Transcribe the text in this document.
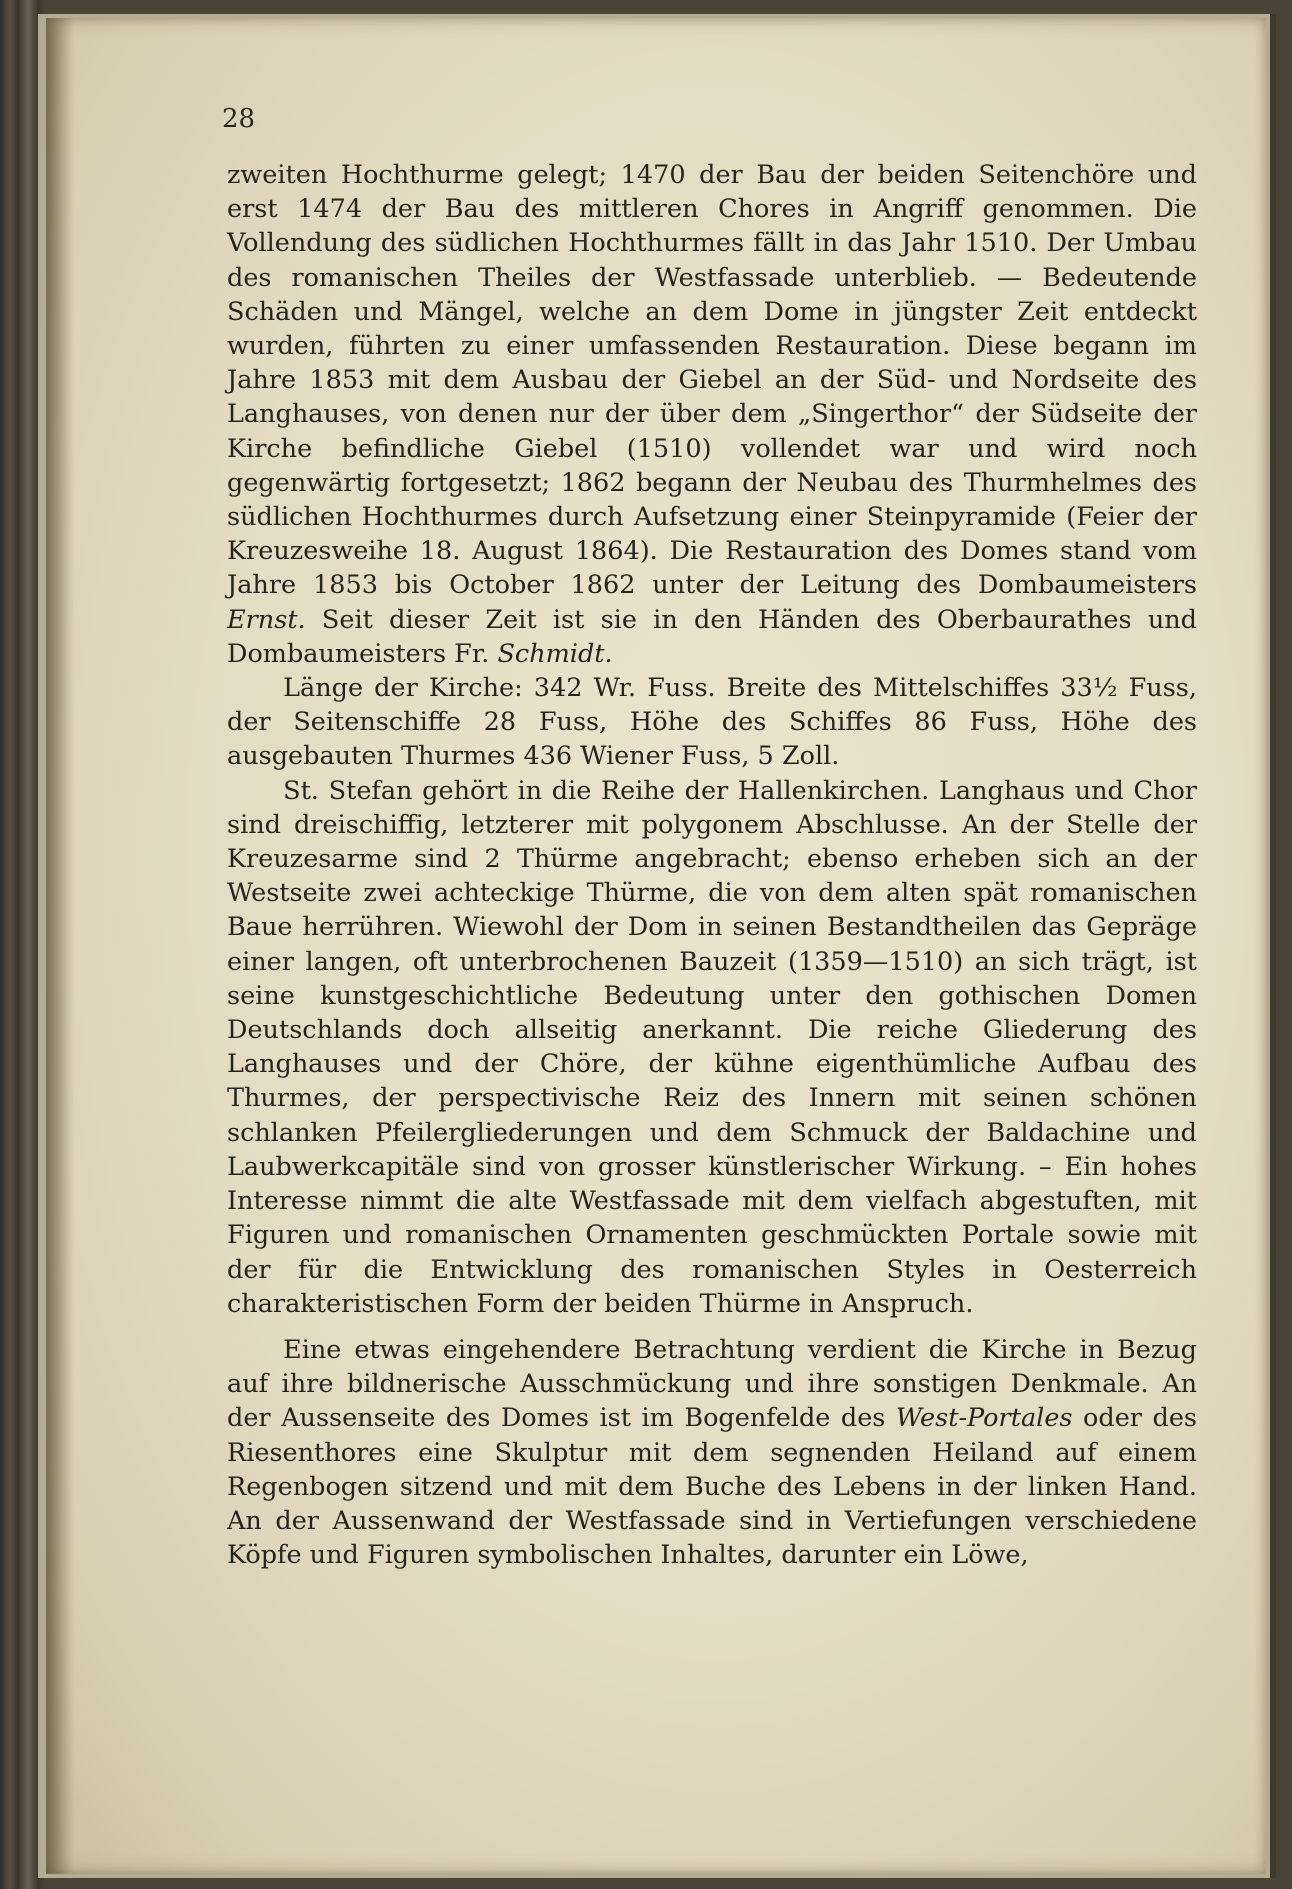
28

zweiten Hochthurme gelegt; 1470 der Bau der beiden Seitenchöre und erst 1474 der Bau des mittleren Chores in Angriff genommen. Die Vollendung des südlichen Hochthurmes fällt in das Jahr 1510. Der Umbau des romanischen Theiles der Westfassade unterblieb. — Bedeutende Schäden und Mängel, welche an dem Dome in jüngster Zeit entdeckt wurden, führten zu einer umfassenden Restauration. Diese begann im Jahre 1853 mit dem Ausbau der Giebel an der Süd- und Nordseite des Langhauses, von denen nur der über dem „Singerthor“ der Südseite der Kirche befindliche Giebel (1510) vollendet war und wird noch gegenwärtig fortgesetzt; 1862 begann der Neubau des Thurmhelmes des südlichen Hochthurmes durch Aufsetzung einer Steinpyramide (Feier der Kreuzesweihe 18. August 1864). Die Restauration des Domes stand vom Jahre 1853 bis October 1862 unter der Leitung des Dombaumeisters Ernst. Seit dieser Zeit ist sie in den Händen des Oberbaurathes und Dombaumeisters Fr. Schmidt.

Länge der Kirche: 342 Wr. Fuss. Breite des Mittelschiffes 33½ Fuss, der Seitenschiffe 28 Fuss, Höhe des Schiffes 86 Fuss, Höhe des ausgebauten Thurmes 436 Wiener Fuss, 5 Zoll.

St. Stefan gehört in die Reihe der Hallenkirchen. Langhaus und Chor sind dreischiffig, letzterer mit polygonem Abschlusse. An der Stelle der Kreuzesarme sind 2 Thürme angebracht; ebenso erheben sich an der Westseite zwei achteckige Thürme, die von dem alten spät romanischen Baue herrühren. Wiewohl der Dom in seinen Bestandtheilen das Gepräge einer langen, oft unterbrochenen Bauzeit (1359—1510) an sich trägt, ist seine kunstgeschichtliche Bedeutung unter den gothischen Domen Deutschlands doch allseitig anerkannt. Die reiche Gliederung des Langhauses und der Chöre, der kühne eigenthümliche Aufbau des Thurmes, der perspectivische Reiz des Innern mit seinen schönen schlanken Pfeilergliederungen und dem Schmuck der Baldachine und Laubwerkcapitäle sind von grosser künstlerischer Wirkung. – Ein hohes Interesse nimmt die alte Westfassade mit dem vielfach abgestuften, mit Figuren und romanischen Ornamenten geschmückten Portale sowie mit der für die Entwicklung des romanischen Styles in Oesterreich charakteristischen Form der beiden Thürme in Anspruch.

Eine etwas eingehendere Betrachtung verdient die Kirche in Bezug auf ihre bildnerische Ausschmückung und ihre sonstigen Denkmale. An der Aussenseite des Domes ist im Bogenfelde des West-Portales oder des Riesenthores eine Skulptur mit dem segnenden Heiland auf einem Regenbogen sitzend und mit dem Buche des Lebens in der linken Hand. An der Aussenwand der Westfassade sind in Vertiefungen verschiedene Köpfe und Figuren symbolischen Inhaltes, darunter ein Löwe,
